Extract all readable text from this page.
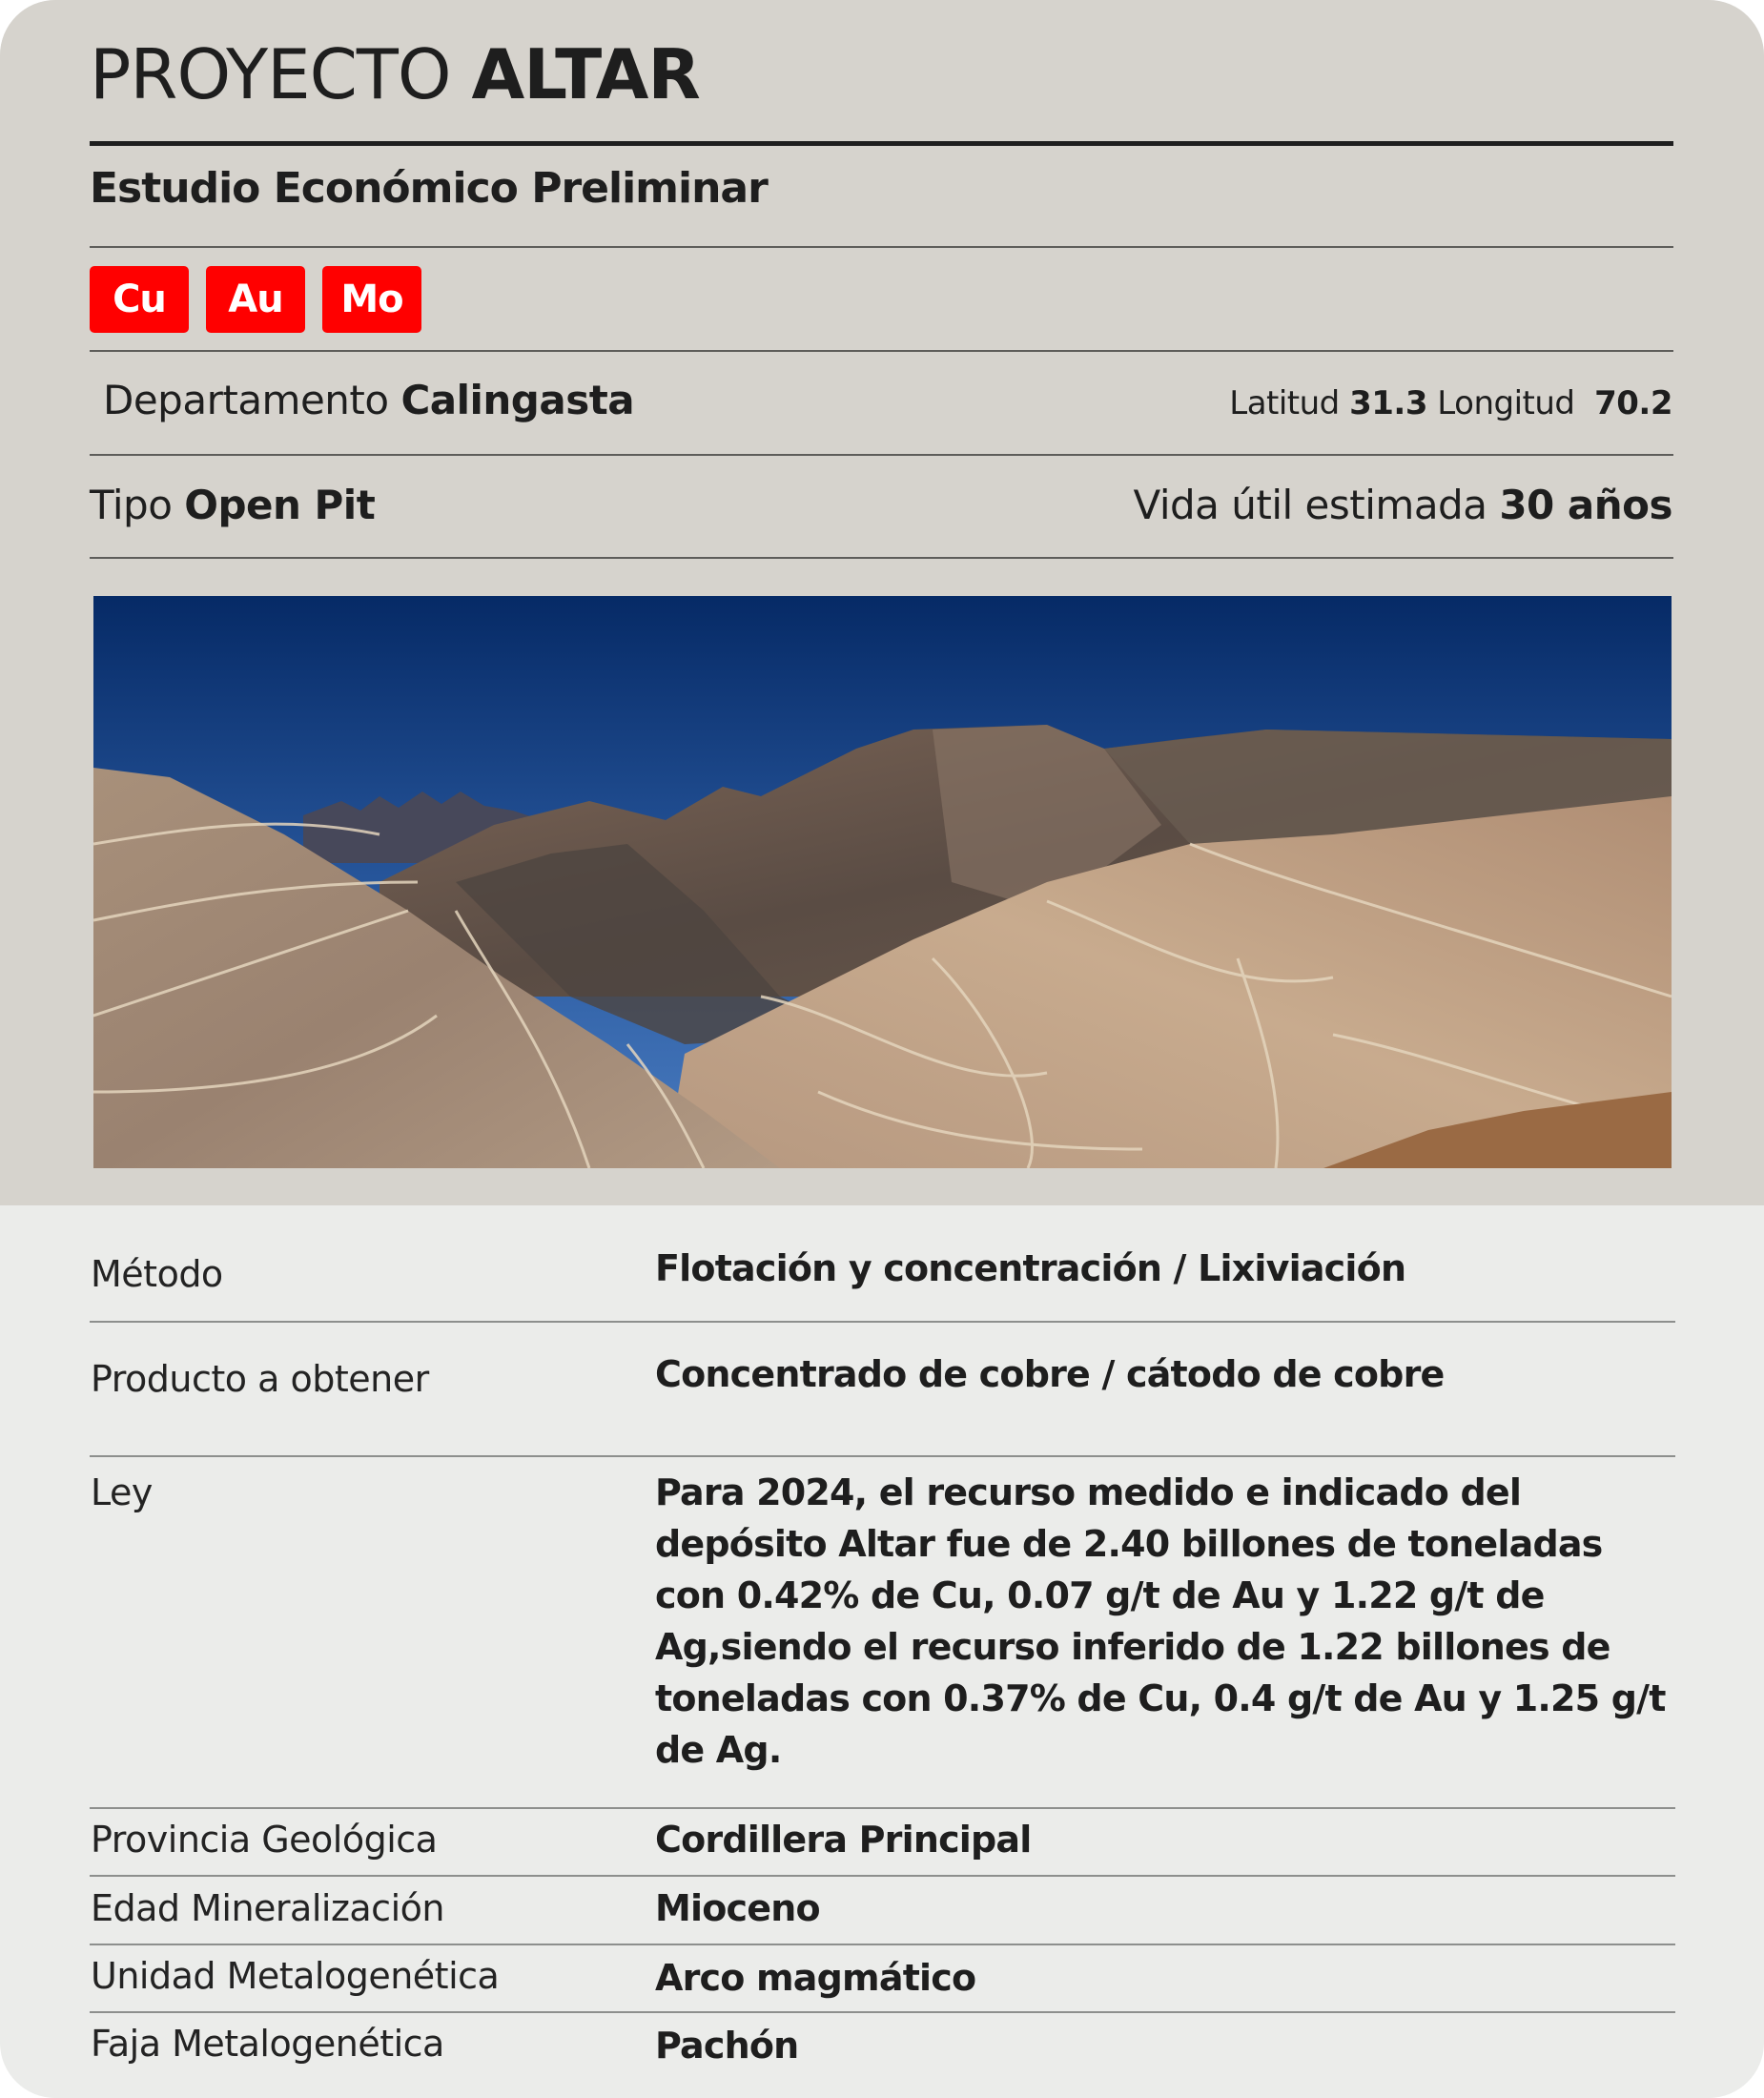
PROYECTO ALTAR
Estudio Económico Preliminar
Cu	Au	Mo
Departamento Calingasta	Latitud 31.3 Longitud 70.2
Tipo Open Pit	Vida útil estimada 30 años
Método	Flotación y concentración / Lixiviación
Producto a obtener	Concentrado de cobre / cátodo de cobre
Ley	Para 2024, el recurso medido e indicado del depósito Altar fue de 2.40 billones de toneladas con 0.42% de Cu, 0.07 g/t de Au y 1.22 g/t de Ag,siendo el recurso inferido de 1.22 billones de toneladas con 0.37% de Cu, 0.4 g/t de Au y 1.25 g/t de Ag.
Provincia Geológica	Cordillera Principal
Edad Mineralización	Mioceno
Unidad Metalogenética	Arco magmático
Faja Metalogenética	Pachón
